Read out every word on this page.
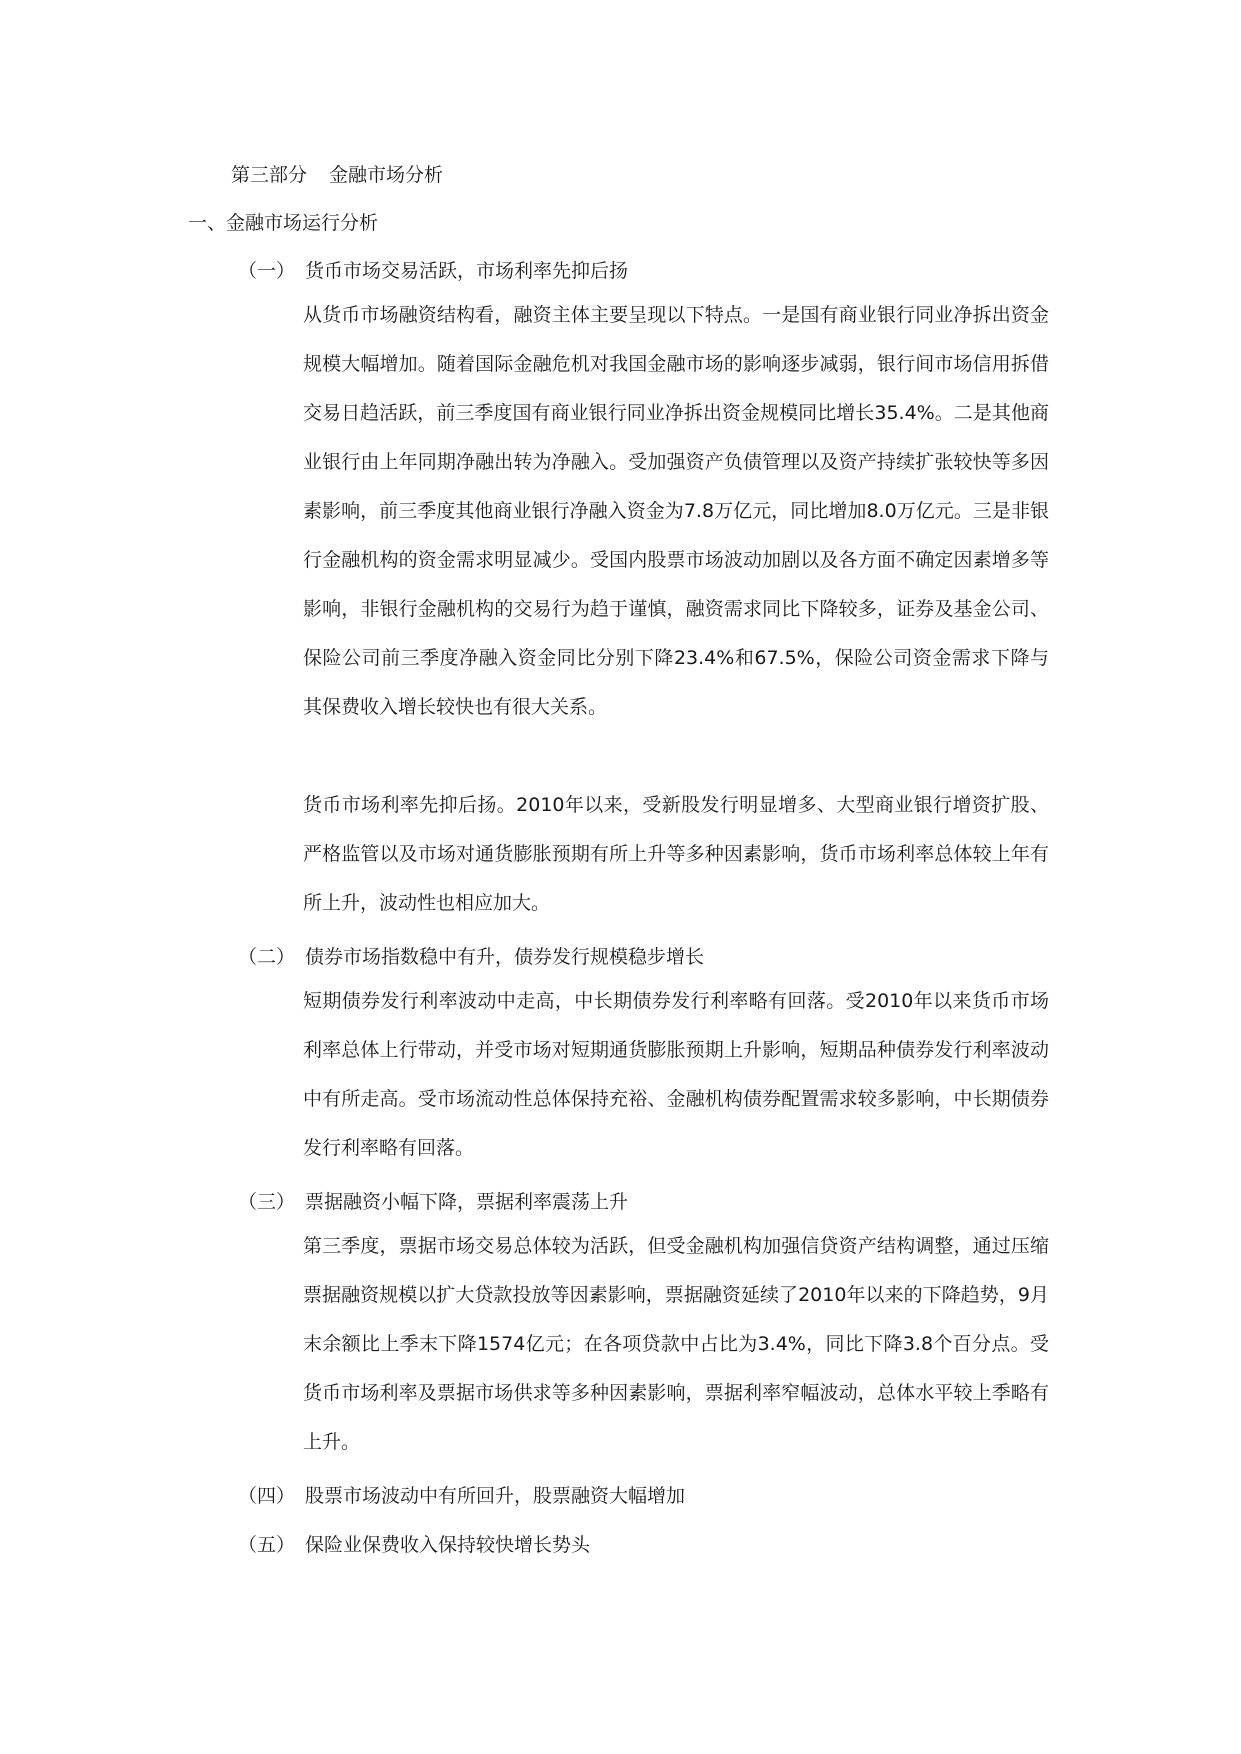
第三部分 金融市场分析
一、金融市场运行分析
（一） 货币市场交易活跃，市场利率先抑后扬

从货币市场融资结构看，融资主体主要呈现以下特点。一是国有商业银行同业净拆出资金规模大幅增加。随着国际金融危机对我国金融市场的影响逐步减弱，银行间市场信用拆借交易日趋活跃，前三季度国有商业银行同业净拆出资金规模同比增长35.4%。二是其他商业银行由上年同期净融出转为净融入。受加强资产负债管理以及资产持续扩张较快等多因素影响，前三季度其他商业银行净融入资金为7.8万亿元，同比增加8.0万亿元。三是非银行金融机构的资金需求明显减少。受国内股票市场波动加剧以及各方面不确定因素增多等影响，非银行金融机构的交易行为趋于谨慎，融资需求同比下降较多，证券及基金公司、保险公司前三季度净融入资金同比分别下降23.4%和67.5%，保险公司资金需求下降与其保费收入增长较快也有很大关系。

货币市场利率先抑后扬。2010年以来，受新股发行明显增多、大型商业银行增资扩股、严格监管以及市场对通货膨胀预期有所上升等多种因素影响，货币市场利率总体较上年有所上升，波动性也相应加大。

（二） 债券市场指数稳中有升，债券发行规模稳步增长

短期债券发行利率波动中走高，中长期债券发行利率略有回落。受2010年以来货币市场利率总体上行带动，并受市场对短期通货膨胀预期上升影响，短期品种债券发行利率波动中有所走高。受市场流动性总体保持充裕、金融机构债券配置需求较多影响，中长期债券发行利率略有回落。

（三） 票据融资小幅下降，票据利率震荡上升

第三季度，票据市场交易总体较为活跃，但受金融机构加强信贷资产结构调整，通过压缩票据融资规模以扩大贷款投放等因素影响，票据融资延续了2010年以来的下降趋势，9月末余额比上季末下降1574亿元；在各项贷款中占比为3.4%，同比下降3.8个百分点。受货币市场利率及票据市场供求等多种因素影响，票据利率窄幅波动，总体水平较上季略有上升。

（四） 股票市场波动中有所回升，股票融资大幅增加
（五） 保险业保费收入保持较快增长势头
